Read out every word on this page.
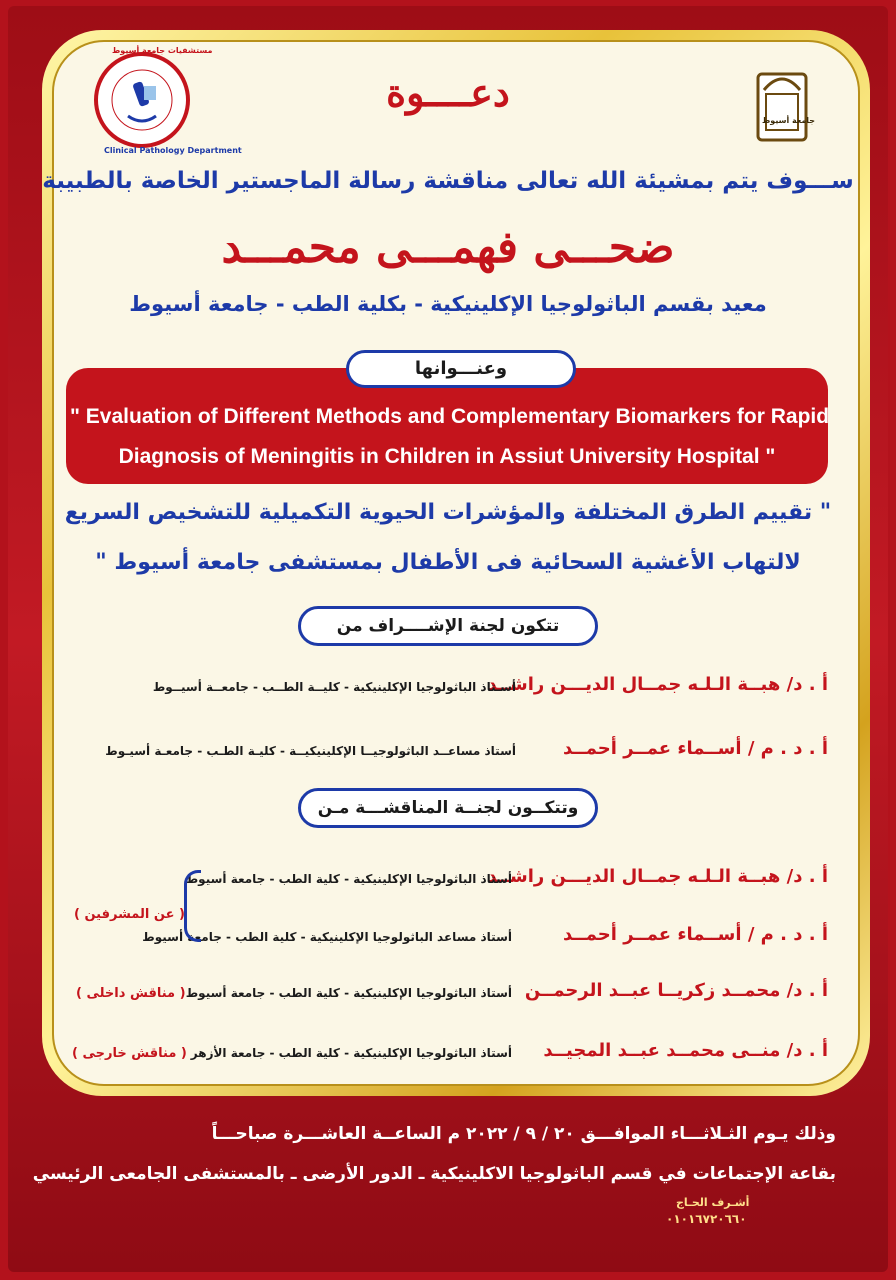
مستشفيات جامعة أسيوط
Clinical Pathology Department
جامعة أسيوط
دعــــوة
ســـوف يتم بمشيئة الله تعالى مناقشة رسالة الماجستير الخاصة بالطبيبة
ضحـــى فهمـــى محمـــد
معيد بقسم الباثولوجيا الإكلينيكية - بكلية الطب - جامعة أسيوط
وعنـــوانها
" Evaluation of Different Methods and Complementary Biomarkers for Rapid
Diagnosis of Meningitis in Children in Assiut University Hospital "
" تقييم الطرق المختلفة والمؤشرات الحيوية التكميلية للتشخيص السريع
لالتهاب الأغشية السحائية فى الأطفال بمستشفى جامعة أسيوط "
تتكون لجنة الإشــــراف من
أ . د/ هبــة الـلـه جمــال الديـــن راشــد
أسـتاذ الباثولوجيا الإكلينيكية - كليــة الطــب - جامعــة أسيــوط
أ . د . م / أســماء عمــر أحمــد
أستاذ مساعــد الباثولوجيــا الإكلينيكيــة - كليـة الطـب - جامعـة أسيـوط
وتتكــون لجنــة المناقشـــة مـن
أ . د/ هبــة الـلـه جمــال الديـــن راشــد
أستاذ الباثولوجيا الإكلينيكية - كلية الطب - جامعة أسيوط
أ . د . م / أســماء عمــر أحمــد
أستاذ مساعد الباثولوجيا الإكلينيكية - كلية الطب - جامعة أسيوط
( عن المشرفين )
أ . د/ محمــد زكريــا عبــد الرحمــن
أستاذ الباثولوجيا الإكلينيكية - كلية الطب - جامعة أسيوط
( مناقش داخلى )
أ . د/ منــى محمــد عبــد المجيــد
أستاذ الباثولوجيا الإكلينيكية - كلية الطب - جامعة الأزهر
( مناقش خارجى )
وذلك يـوم الثـلاثـــاء الموافـــق ٢٠ / ٩ / ٢٠٢٢ م الساعــة العاشـــرة صباحـــاً
بقاعة الإجتماعات في قسم الباثولوجيا الاكلينيكية ـ الدور الأرضى ـ بالمستشفى الجامعى الرئيسي
أشـرف الحـاج
٠١٠١٦٧٢٠٦٦٠
